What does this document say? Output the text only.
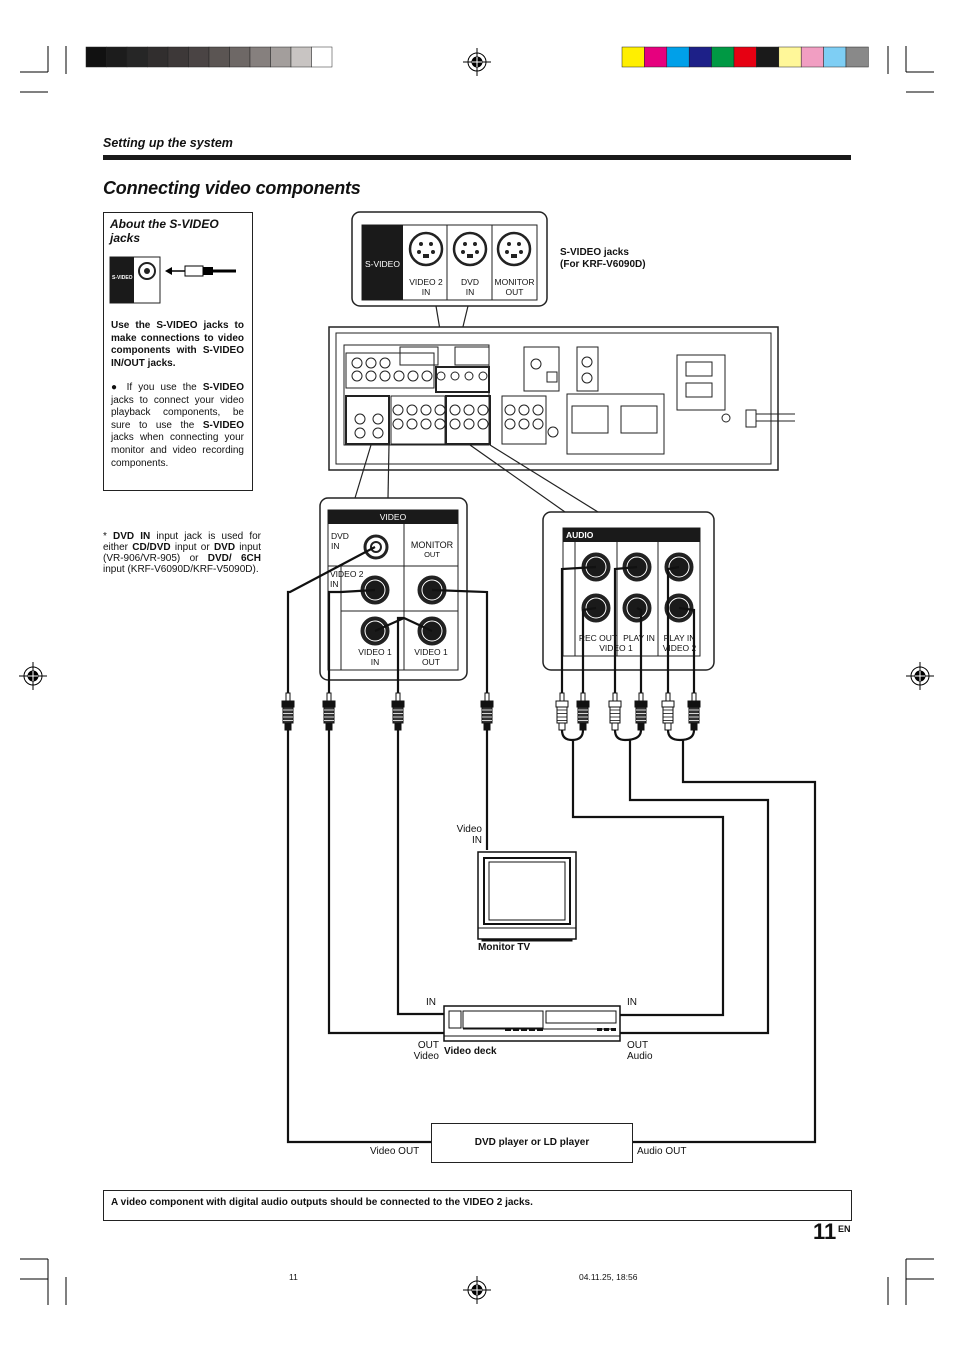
Setting up the system
Connecting video components
About the S-VIDEO jacks
S-VIDEO
Use the S-VIDEO jacks to make connections to video components with S-VIDEO IN/OUT jacks.
● If you use the S-VIDEO jacks to connect your video playback components, be sure to use the S-VIDEO jacks when connecting your monitor and video recording components.
* DVD IN input jack is used for either CD/DVD input or DVD input (VR-906/VR-905) or DVD/ 6CH input (KRF-V6090D/KRF-V5090D).
S-VIDEO
VIDEO 2
IN
DVD
IN
MONITOR
OUT
S-VIDEO jacks
(For KRF-V6090D)
VIDEO
DVD
IN	MONITOR
OUT
VIDEO 2
IN
VIDEO 1
IN
VIDEO 1
OUT
AUDIO
REC OUT PLAY IN	PLAY IN
VIDEO 1	VIDEO 2
Video
IN
Monitor TV
IN	IN
OUT
Video Video deck
OUT
Audio
DVD player or LD player
Video OUT	Audio OUT
A video component with digital audio outputs should be connected to the VIDEO 2 jacks.
11 EN
11	04.11.25, 18:56
